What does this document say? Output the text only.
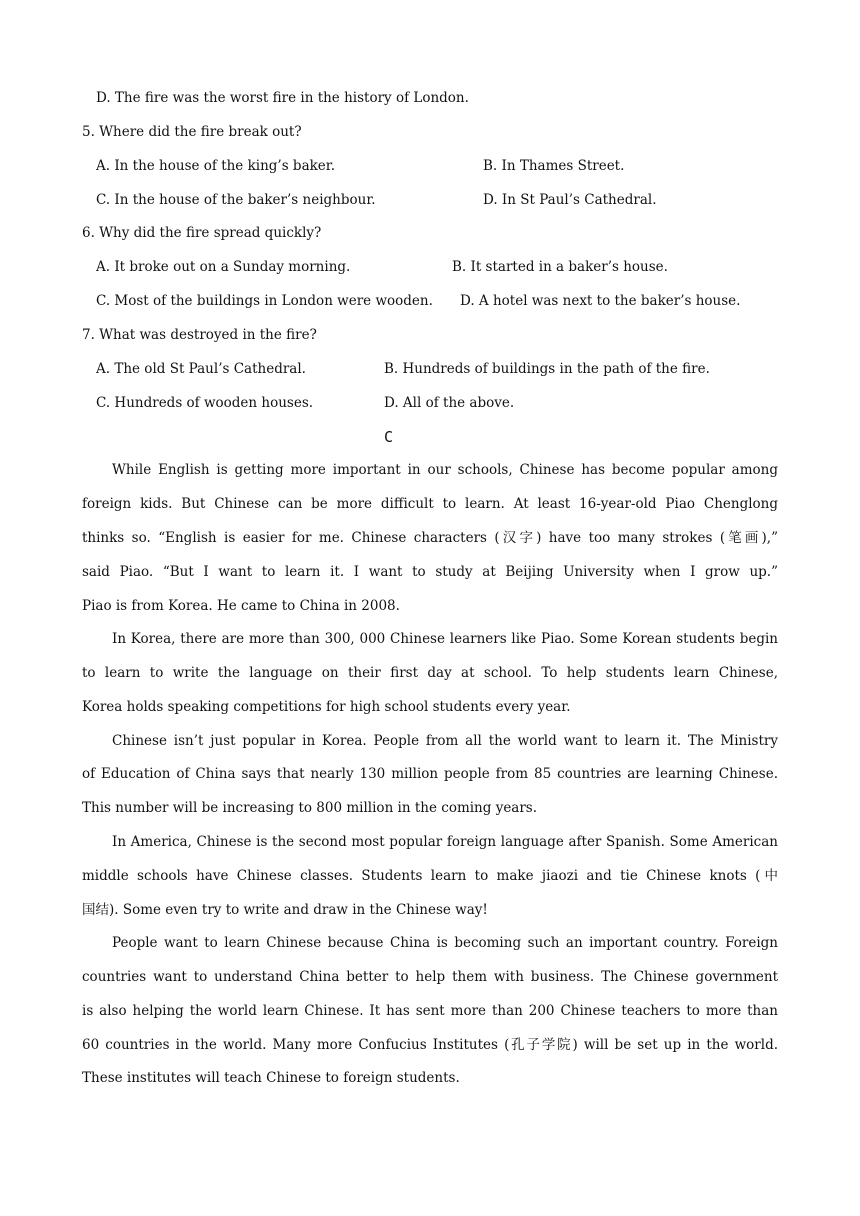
D. The fire was the worst fire in the history of London.
5. Where did the fire break out?
A. In the house of the king’s baker.	B. In Thames Street.
C. In the house of the baker’s neighbour.	D. In St Paul’s Cathedral.
6. Why did the fire spread quickly?
A. It broke out on a Sunday morning.	B. It started in a baker’s house.
C. Most of the buildings in London were wooden. D. A hotel was next to the baker’s house.
7. What was destroyed in the fire?
A. The old St Paul’s Cathedral.	B. Hundreds of buildings in the path of the fire.
C. Hundreds of wooden houses.	D. All of the above.
C
While English is getting more important in our schools, Chinese has become popular among
foreign kids. But Chinese can be more difficult to learn. At least 16-year-old Piao Chenglong
thinks so. “English is easier for me. Chinese characters (汉字) have too many strokes (笔画),”
said Piao. “But I want to learn it. I want to study at Beijing University when I grow up.”
Piao is from Korea. He came to China in 2008.
In Korea, there are more than 300, 000 Chinese learners like Piao. Some Korean students begin
to learn to write the language on their first day at school. To help students learn Chinese,
Korea holds speaking competitions for high school students every year.
Chinese isn’t just popular in Korea. People from all the world want to learn it. The Ministry
of Education of China says that nearly 130 million people from 85 countries are learning Chinese.
This number will be increasing to 800 million in the coming years.
In America, Chinese is the second most popular foreign language after Spanish. Some American
middle schools have Chinese classes. Students learn to make jiaozi and tie Chinese knots (中
国结). Some even try to write and draw in the Chinese way!
People want to learn Chinese because China is becoming such an important country. Foreign
countries want to understand China better to help them with business. The Chinese government
is also helping the world learn Chinese. It has sent more than 200 Chinese teachers to more than
60 countries in the world. Many more Confucius Institutes (孔子学院) will be set up in the world.
These institutes will teach Chinese to foreign students.
